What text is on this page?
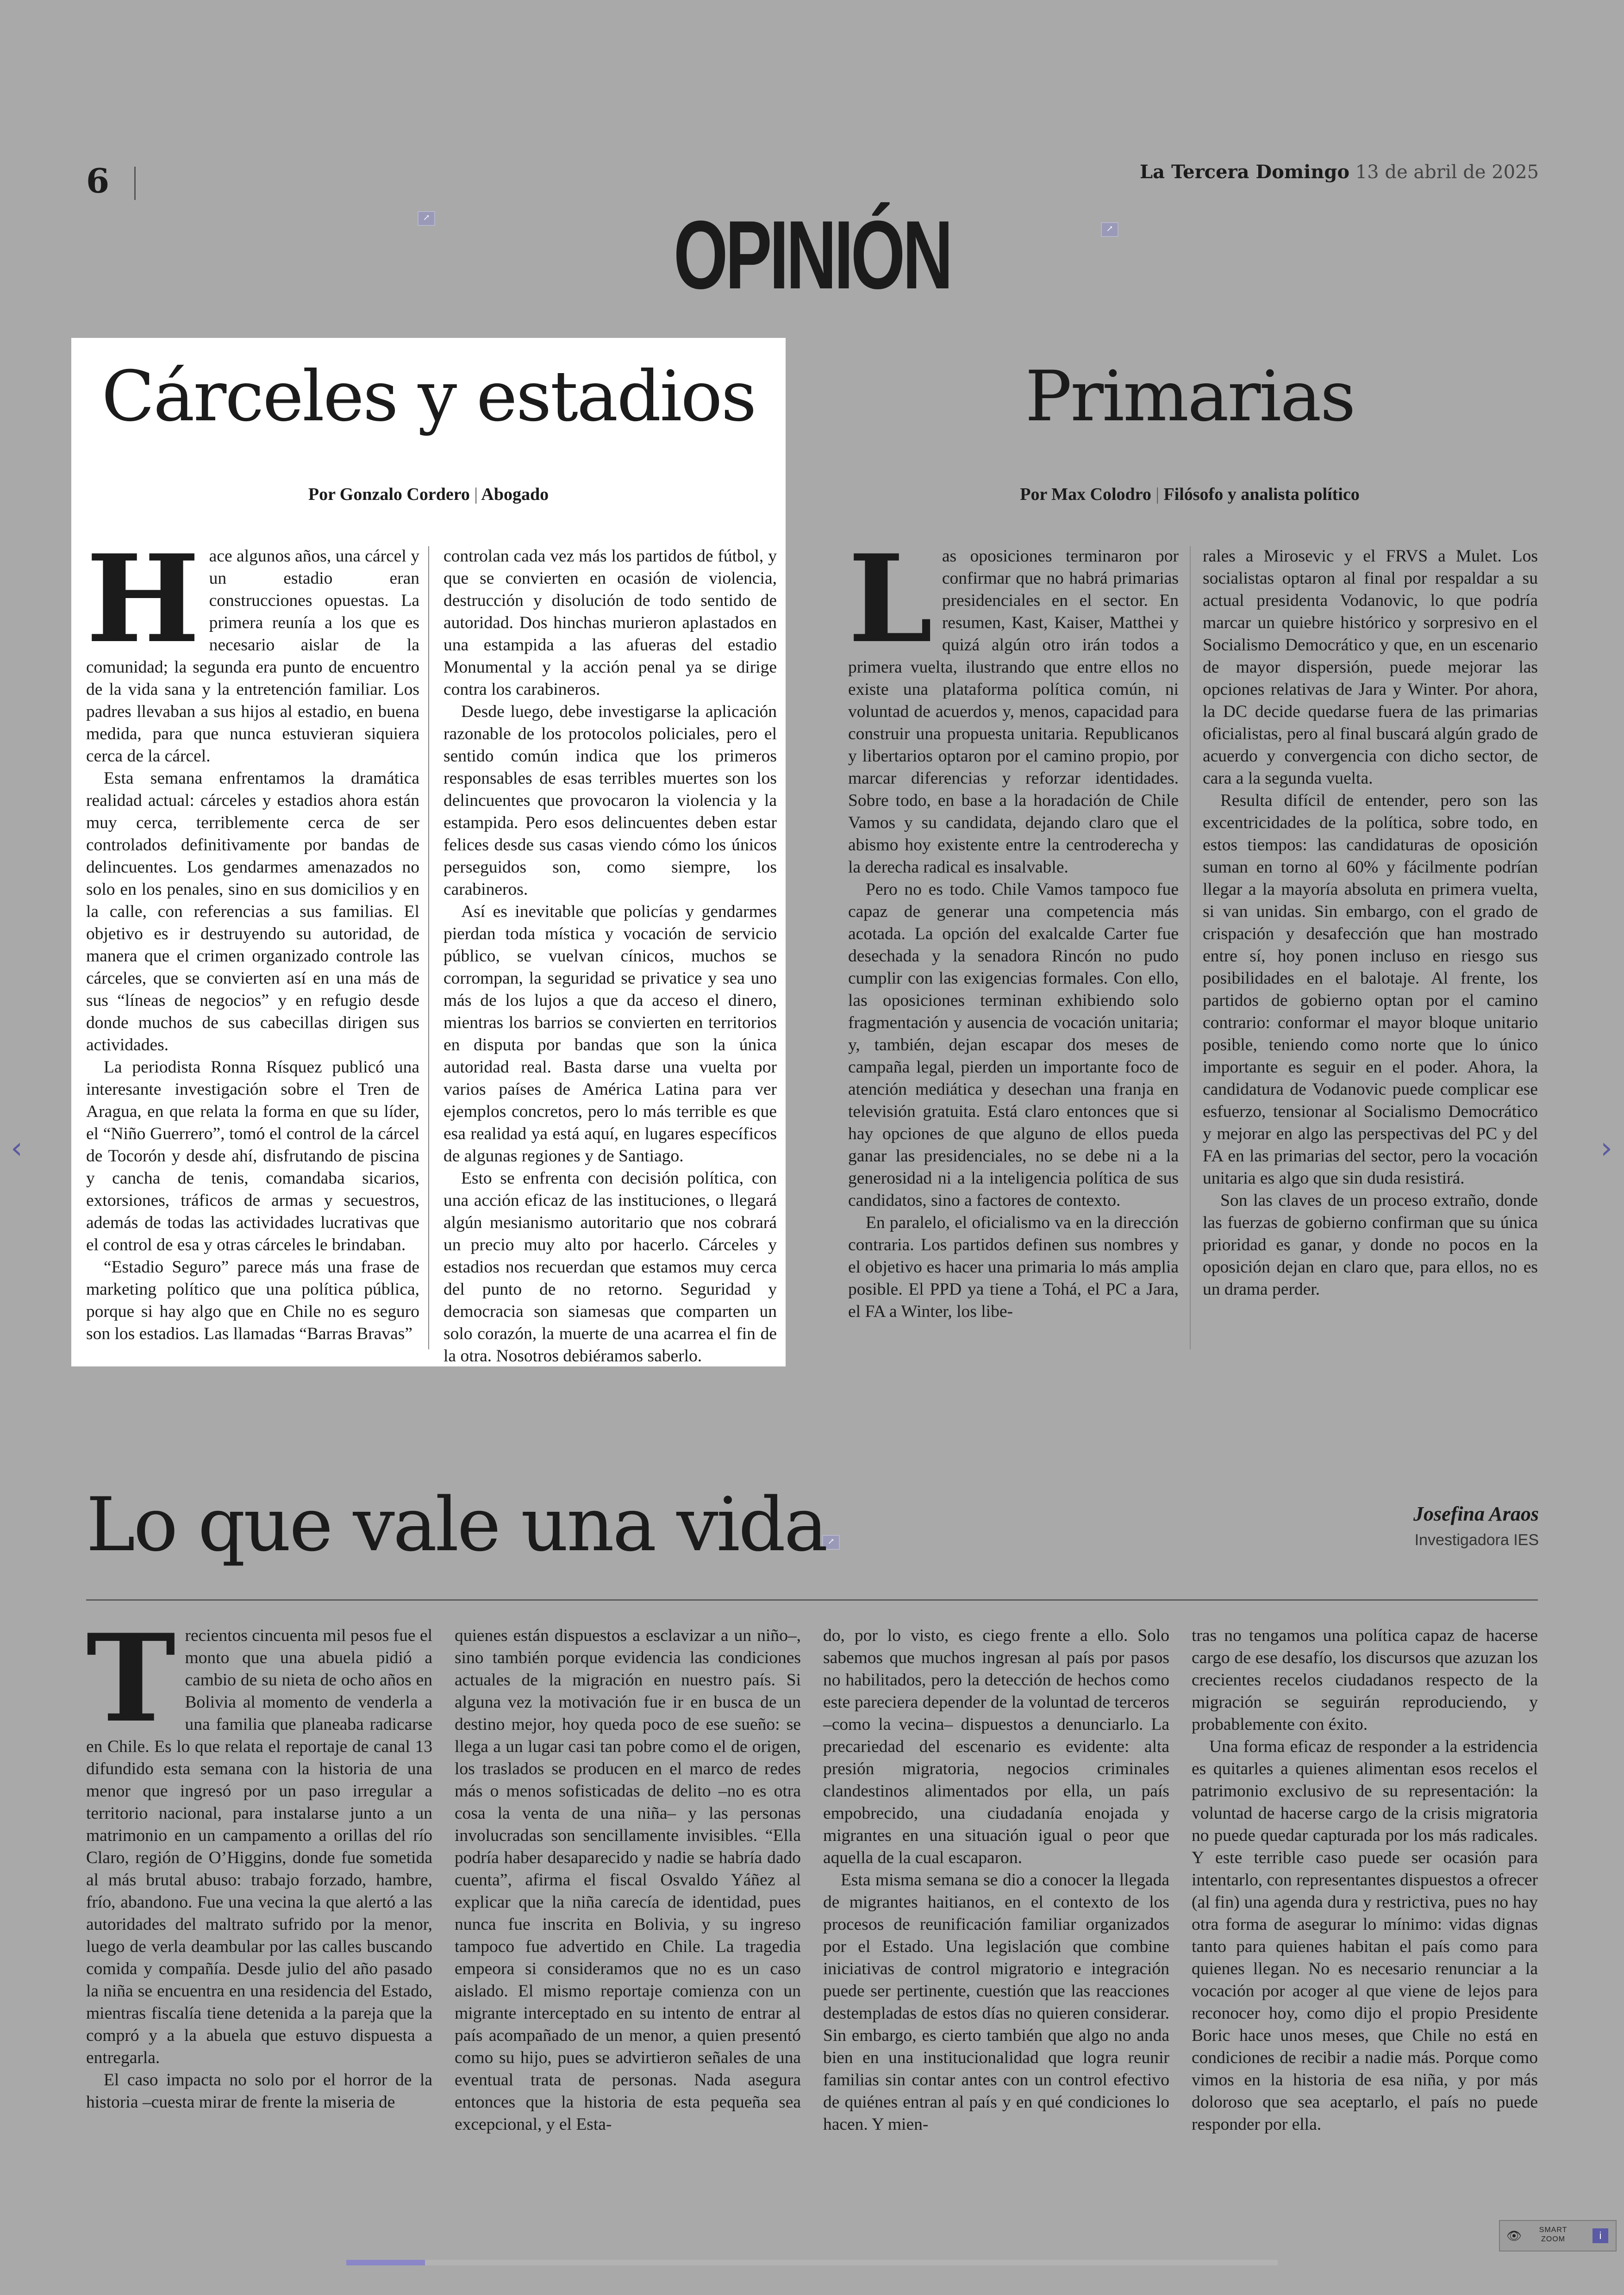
6	La Tercera Domingo 13 de abril de 2025
OPINIÓN
↗
↗
↗
Cárceles y estadios
Por Gonzalo Cordero | Abogado

Hace algunos años, una cárcel y un estadio eran construcciones opuestas. La primera reunía a los que es necesario aislar de la comunidad; la segunda era punto de encuentro de la vida sana y la entretención familiar. Los padres llevaban a sus hijos al estadio, en buena medida, para que nunca estuvieran siquiera cerca de la cárcel.

Esta semana enfrentamos la dramática realidad actual: cárceles y estadios ahora están muy cerca, terriblemente cerca de ser controlados definitivamente por bandas de delincuentes. Los gendarmes amenazados no solo en los penales, sino en sus domicilios y en la calle, con referencias a sus familias. El objetivo es ir destruyendo su autoridad, de manera que el crimen organizado controle las cárceles, que se convierten así en una más de sus “líneas de negocios” y en refugio desde donde muchos de sus cabecillas dirigen sus actividades.

La periodista Ronna Rísquez publicó una interesante investigación sobre el Tren de Aragua, en que relata la forma en que su líder, el “Niño Guerrero”, tomó el control de la cárcel de Tocorón y desde ahí, disfrutando de piscina y cancha de tenis, comandaba sicarios, extorsiones, tráficos de armas y secuestros, además de todas las actividades lucrativas que el control de esa y otras cárceles le brindaban.

“Estadio Seguro” parece más una frase de marketing político que una política pública, porque si hay algo que en Chile no es seguro son los estadios. Las llamadas “Barras Bravas”

controlan cada vez más los partidos de fútbol, y que se convierten en ocasión de violencia, destrucción y disolución de todo sentido de autoridad. Dos hinchas murieron aplastados en una estampida a las afueras del estadio Monumental y la acción penal ya se dirige contra los carabineros.

Desde luego, debe investigarse la aplicación razonable de los protocolos policiales, pero el sentido común indica que los primeros responsables de esas terribles muertes son los delincuentes que provocaron la violencia y la estampida. Pero esos delincuentes deben estar felices desde sus casas viendo cómo los únicos perseguidos son, como siempre, los carabineros.

Así es inevitable que policías y gendarmes pierdan toda mística y vocación de servicio público, se vuelvan cínicos, muchos se corrompan, la seguridad se privatice y sea uno más de los lujos a que da acceso el dinero, mientras los barrios se convierten en territorios en disputa por bandas que son la única autoridad real. Basta darse una vuelta por varios países de América Latina para ver ejemplos concretos, pero lo más terrible es que esa realidad ya está aquí, en lugares específicos de algunas regiones y de Santiago.

Esto se enfrenta con decisión política, con una acción eficaz de las instituciones, o llegará algún mesianismo autoritario que nos cobrará un precio muy alto por hacerlo. Cárceles y estadios nos recuerdan que estamos muy cerca del punto de no retorno. Seguridad y democracia son siamesas que comparten un solo corazón, la muerte de una acarrea el fin de la otra. Nosotros debiéramos saberlo.

Primarias
Por Max Colodro | Filósofo y analista político

Las oposiciones terminaron por confirmar que no habrá primarias presidenciales en el sector. En resumen, Kast, Kaiser, Matthei y quizá algún otro irán todos a primera vuelta, ilustrando que entre ellos no existe una plataforma política común, ni voluntad de acuerdos y, menos, capacidad para construir una propuesta unitaria. Republicanos y libertarios optaron por el camino propio, por marcar diferencias y reforzar identidades. Sobre todo, en base a la horadación de Chile Vamos y su candidata, dejando claro que el abismo hoy existente entre la centroderecha y la derecha radical es insalvable.

Pero no es todo. Chile Vamos tampoco fue capaz de generar una competencia más acotada. La opción del exalcalde Carter fue desechada y la senadora Rincón no pudo cumplir con las exigencias formales. Con ello, las oposiciones terminan exhibiendo solo fragmentación y ausencia de vocación unitaria; y, también, dejan escapar dos meses de campaña legal, pierden un importante foco de atención mediática y desechan una franja en televisión gratuita. Está claro entonces que si hay opciones de que alguno de ellos pueda ganar las presidenciales, no se debe ni a la generosidad ni a la inteligencia política de sus candidatos, sino a factores de contexto.

En paralelo, el oficialismo va en la dirección contraria. Los partidos definen sus nombres y el objetivo es hacer una primaria lo más amplia posible. El PPD ya tiene a Tohá, el PC a Jara, el FA a Winter, los libe-

rales a Mirosevic y el FRVS a Mulet. Los socialistas optaron al final por respaldar a su actual presidenta Vodanovic, lo que podría marcar un quiebre histórico y sorpresivo en el Socialismo Democrático y que, en un escenario de mayor dispersión, puede mejorar las opciones relativas de Jara y Winter. Por ahora, la DC decide quedarse fuera de las primarias oficialistas, pero al final buscará algún grado de acuerdo y convergencia con dicho sector, de cara a la segunda vuelta.

Resulta difícil de entender, pero son las excentricidades de la política, sobre todo, en estos tiempos: las candidaturas de oposición suman en torno al 60% y fácilmente podrían llegar a la mayoría absoluta en primera vuelta, si van unidas. Sin embargo, con el grado de crispación y desafección que han mostrado entre sí, hoy ponen incluso en riesgo sus posibilidades en el balotaje. Al frente, los partidos de gobierno optan por el camino contrario: conformar el mayor bloque unitario posible, teniendo como norte que lo único importante es seguir en el poder. Ahora, la candidatura de Vodanovic puede complicar ese esfuerzo, tensionar al Socialismo Democrático y mejorar en algo las perspectivas del PC y del FA en las primarias del sector, pero la vocación unitaria es algo que sin duda resistirá.

Son las claves de un proceso extraño, donde las fuerzas de gobierno confirman que su única prioridad es ganar, y donde no pocos en la oposición dejan en claro que, para ellos, no es un drama perder.

Lo que vale una vida	Josefina Araos
Investigadora IES

Trecientos cincuenta mil pesos fue el monto que una abuela pidió a cambio de su nieta de ocho años en Bolivia al momento de venderla a una familia que planeaba radicarse en Chile. Es lo que relata el reportaje de canal 13 difundido esta semana con la historia de una menor que ingresó por un paso irregular a territorio nacional, para instalarse junto a un matrimonio en un campamento a orillas del río Claro, región de O’Higgins, donde fue sometida al más brutal abuso: trabajo forzado, hambre, frío, abandono. Fue una vecina la que alertó a las autoridades del maltrato sufrido por la menor, luego de verla deambular por las calles buscando comida y compañía. Desde julio del año pasado la niña se encuentra en una residencia del Estado, mientras fiscalía tiene detenida a la pareja que la compró y a la abuela que estuvo dispuesta a entregarla.

El caso impacta no solo por el horror de la historia –cuesta mirar de frente la miseria de

quienes están dispuestos a esclavizar a un niño–, sino también porque evidencia las condiciones actuales de la migración en nuestro país. Si alguna vez la motivación fue ir en busca de un destino mejor, hoy queda poco de ese sueño: se llega a un lugar casi tan pobre como el de origen, los traslados se producen en el marco de redes más o menos sofisticadas de delito –no es otra cosa la venta de una niña– y las personas involucradas son sencillamente invisibles. “Ella podría haber desaparecido y nadie se habría dado cuenta”, afirma el fiscal Osvaldo Yáñez al explicar que la niña carecía de identidad, pues nunca fue inscrita en Bolivia, y su ingreso tampoco fue advertido en Chile. La tragedia empeora si consideramos que no es un caso aislado. El mismo reportaje comienza con un migrante interceptado en su intento de entrar al país acompañado de un menor, a quien presentó como su hijo, pues se advirtieron señales de una eventual trata de personas. Nada asegura entonces que la historia de esta pequeña sea excepcional, y el Esta-

do, por lo visto, es ciego frente a ello. Solo sabemos que muchos ingresan al país por pasos no habilitados, pero la detección de hechos como este pareciera depender de la voluntad de terceros –como la vecina– dispuestos a denunciarlo. La precariedad del escenario es evidente: alta presión migratoria, negocios criminales clandestinos alimentados por ella, un país empobrecido, una ciudadanía enojada y migrantes en una situación igual o peor que aquella de la cual escaparon.

Esta misma semana se dio a conocer la llegada de migrantes haitianos, en el contexto de los procesos de reunificación familiar organizados por el Estado. Una legislación que combine iniciativas de control migratorio e integración puede ser pertinente, cuestión que las reacciones destempladas de estos días no quieren considerar. Sin embargo, es cierto también que algo no anda bien en una institucionalidad que logra reunir familias sin contar antes con un control efectivo de quiénes entran al país y en qué condiciones lo hacen. Y mien-

tras no tengamos una política capaz de hacerse cargo de ese desafío, los discursos que azuzan los crecientes recelos ciudadanos respecto de la migración se seguirán reproduciendo, y probablemente con éxito.

Una forma eficaz de responder a la estridencia es quitarles a quienes alimentan esos recelos el patrimonio exclusivo de su representación: la voluntad de hacerse cargo de la crisis migratoria no puede quedar capturada por los más radicales. Y este terrible caso puede ser ocasión para intentarlo, con representantes dispuestos a ofrecer (al fin) una agenda dura y restrictiva, pues no hay otra forma de asegurar lo mínimo: vidas dignas tanto para quienes habitan el país como para quienes llegan. No es necesario renunciar a la vocación por acoger al que viene de lejos para reconocer hoy, como dijo el propio Presidente Boric hace unos meses, que Chile no está en condiciones de recibir a nadie más. Porque como vimos en la historia de esa niña, y por más doloroso que sea aceptarlo, el país no puede responder por ella.

‹	›
👁 SMART ZOOM	i
